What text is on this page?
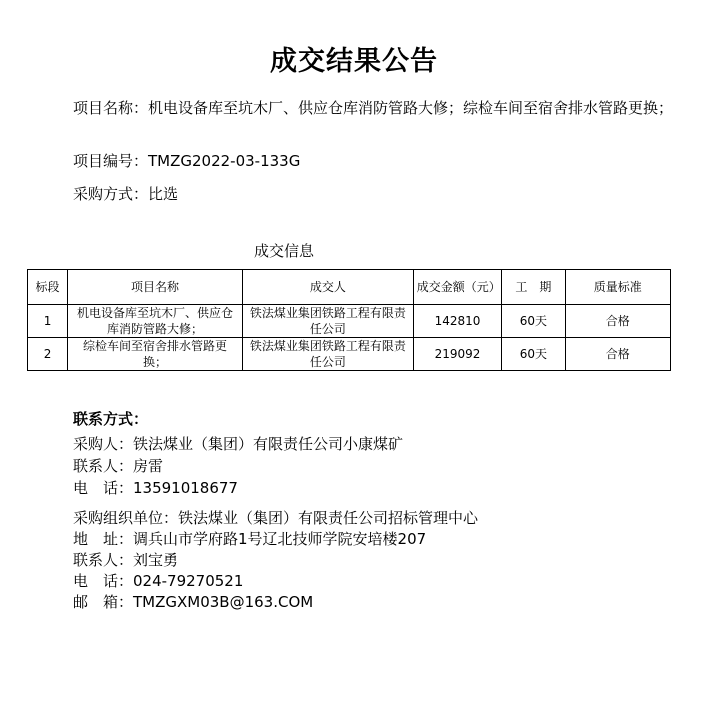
成交结果公告
项目名称：机电设备库至坑木厂、供应仓库消防管路大修；综检车间至宿舍排水管路更换；
项目编号：TMZG2022-03-133G
采购方式：比选
成交信息
标段	项目名称	成交人	成交金额（元）	工　期	质量标准
1	机电设备库至坑木厂、供应仓库消防管路大修；	铁法煤业集团铁路工程有限责任公司	142810	60天	合格
2	综检车间至宿舍排水管路更换；	铁法煤业集团铁路工程有限责任公司	219092	60天	合格
联系方式：
采购人：铁法煤业（集团）有限责任公司小康煤矿
联系人：房雷
电　话：13591018677
采购组织单位：铁法煤业（集团）有限责任公司招标管理中心
地　址：调兵山市学府路1号辽北技师学院安培楼207
联系人：刘宝勇
电　话：024-79270521
邮　箱：TMZGXM03B@163.COM
